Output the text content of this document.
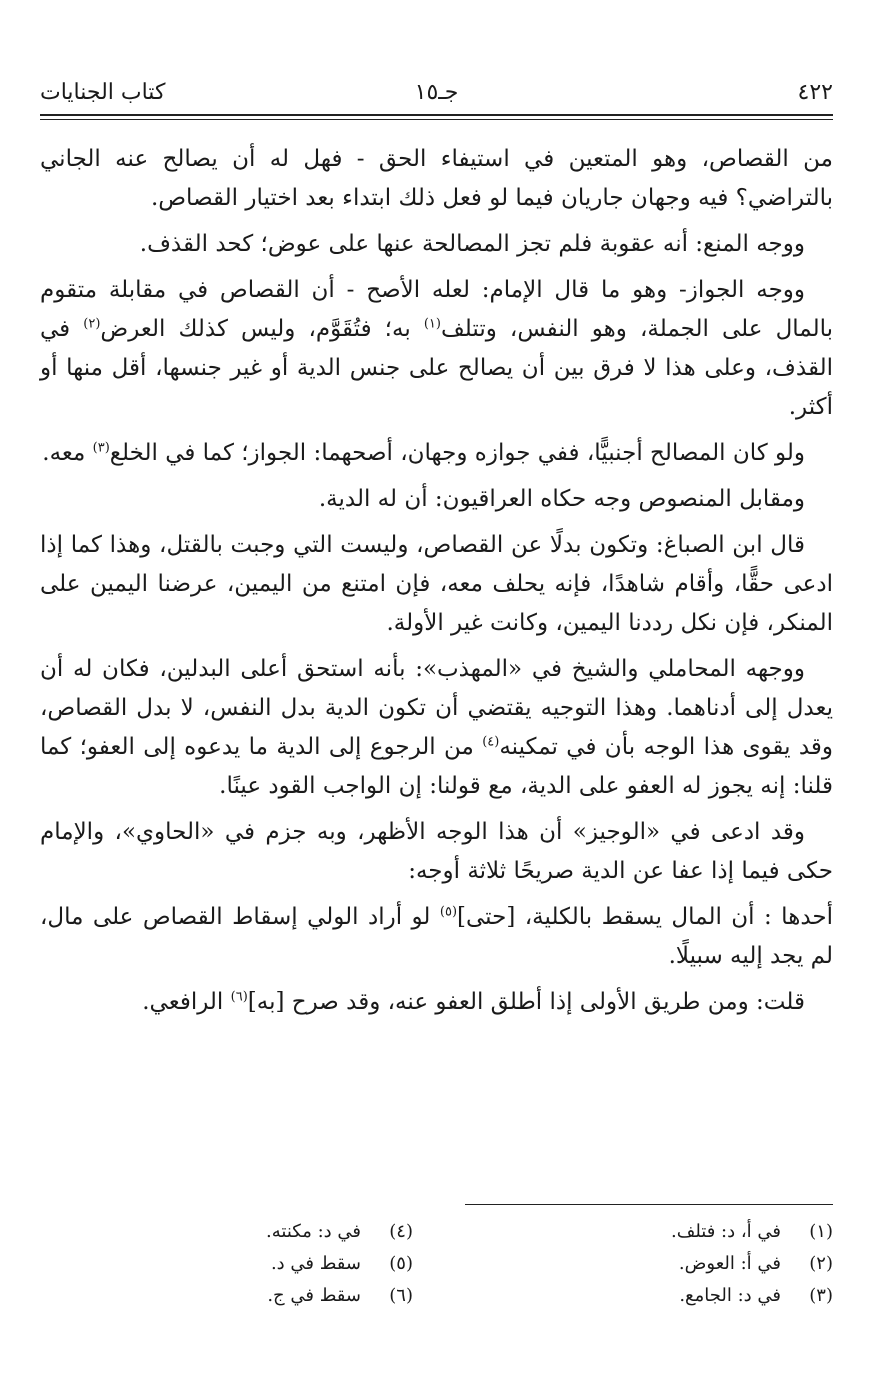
٤٢٢
جـ١٥
كتاب الجنايات

من القصاص، وهو المتعين في استيفاء الحق - فهل له أن يصالح عنه الجاني بالتراضي؟ فيه وجهان جاريان فيما لو فعل ذلك ابتداء بعد اختيار القصاص.

ووجه المنع: أنه عقوبة فلم تجز المصالحة عنها على عوض؛ كحد القذف.

ووجه الجواز- وهو ما قال الإمام: لعله الأصح - أن القصاص في مقابلة متقوم بالمال على الجملة، وهو النفس، وتتلف$^{(١)}$ به؛ فتُقَوَّم، وليس كذلك العرض$^{(٢)}$ في القذف، وعلى هذا لا فرق بين أن يصالح على جنس الدية أو غير جنسها، أقل منها أو أكثر.

ولو كان المصالح أجنبيًّا، ففي جوازه وجهان، أصحهما: الجواز؛ كما في الخلع$^{(٣)}$ معه.

ومقابل المنصوص وجه حكاه العراقيون: أن له الدية.

قال ابن الصباغ: وتكون بدلًا عن القصاص، وليست التي وجبت بالقتل، وهذا كما إذا ادعى حقًّا، وأقام شاهدًا، فإنه يحلف معه، فإن امتنع من اليمين، عرضنا اليمين على المنكر، فإن نكل رددنا اليمين، وكانت غير الأولة.

ووجهه المحاملي والشيخ في «المهذب»: بأنه استحق أعلى البدلين، فكان له أن يعدل إلى أدناهما. وهذا التوجيه يقتضي أن تكون الدية بدل النفس، لا بدل القصاص، وقد يقوى هذا الوجه بأن في تمكينه$^{(٤)}$ من الرجوع إلى الدية ما يدعوه إلى العفو؛ كما قلنا: إنه يجوز له العفو على الدية، مع قولنا: إن الواجب القود عينًا.

وقد ادعى في «الوجيز» أن هذا الوجه الأظهر، وبه جزم في «الحاوي»، والإمام حكى فيما إذا عفا عن الدية صريحًا ثلاثة أوجه:

أحدها : أن المال يسقط بالكلية، [حتى]$^{(٥)}$ لو أراد الولي إسقاط القصاص على مال، لم يجد إليه سبيلًا.

قلت: ومن طريق الأولى إذا أطلق العفو عنه، وقد صرح [به]$^{(٦)}$ الرافعي.

(١)في أ، د: فتلف.
(٢)في أ: العوض.
(٣)في د: الجامع.
(٤)في د: مكنته.
(٥)سقط في د.
(٦)سقط في ج.
